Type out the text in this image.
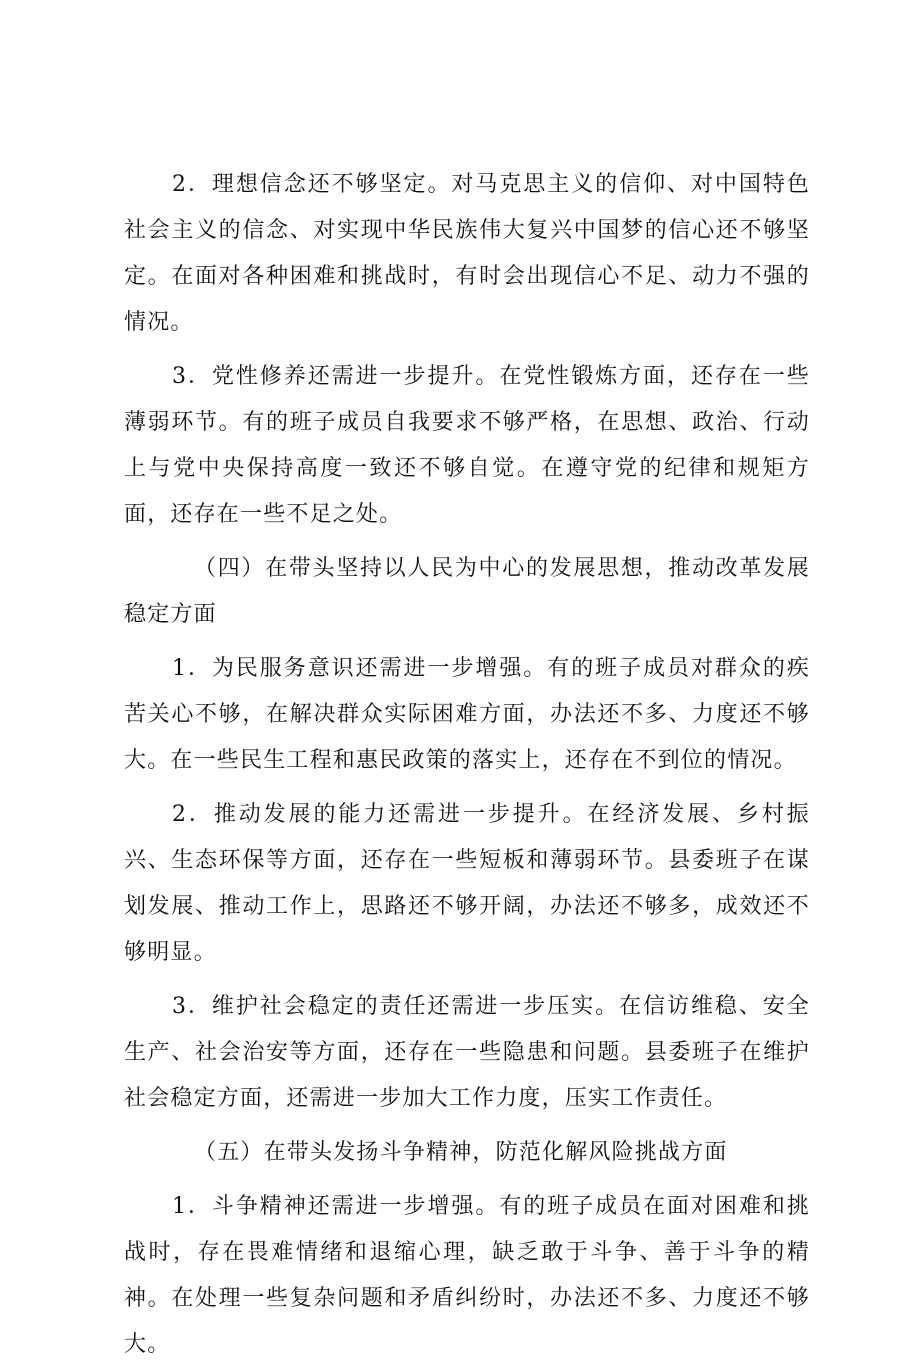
2．理想信念还不够坚定。对马克思主义的信仰、对中国特色社会主义的信念、对实现中华民族伟大复兴中国梦的信心还不够坚定。在面对各种困难和挑战时，有时会出现信心不足、动力不强的情况。

3．党性修养还需进一步提升。在党性锻炼方面，还存在一些薄弱环节。有的班子成员自我要求不够严格，在思想、政治、行动上与党中央保持高度一致还不够自觉。在遵守党的纪律和规矩方面，还存在一些不足之处。

（四）在带头坚持以人民为中心的发展思想，推动改革发展稳定方面

1．为民服务意识还需进一步增强。有的班子成员对群众的疾苦关心不够，在解决群众实际困难方面，办法还不多、力度还不够大。在一些民生工程和惠民政策的落实上，还存在不到位的情况。

2．推动发展的能力还需进一步提升。在经济发展、乡村振兴、生态环保等方面，还存在一些短板和薄弱环节。县委班子在谋划发展、推动工作上，思路还不够开阔，办法还不够多，成效还不够明显。

3．维护社会稳定的责任还需进一步压实。在信访维稳、安全生产、社会治安等方面，还存在一些隐患和问题。县委班子在维护社会稳定方面，还需进一步加大工作力度，压实工作责任。

（五）在带头发扬斗争精神，防范化解风险挑战方面

1．斗争精神还需进一步增强。有的班子成员在面对困难和挑战时，存在畏难情绪和退缩心理，缺乏敢于斗争、善于斗争的精神。在处理一些复杂问题和矛盾纠纷时，办法还不多、力度还不够大。
